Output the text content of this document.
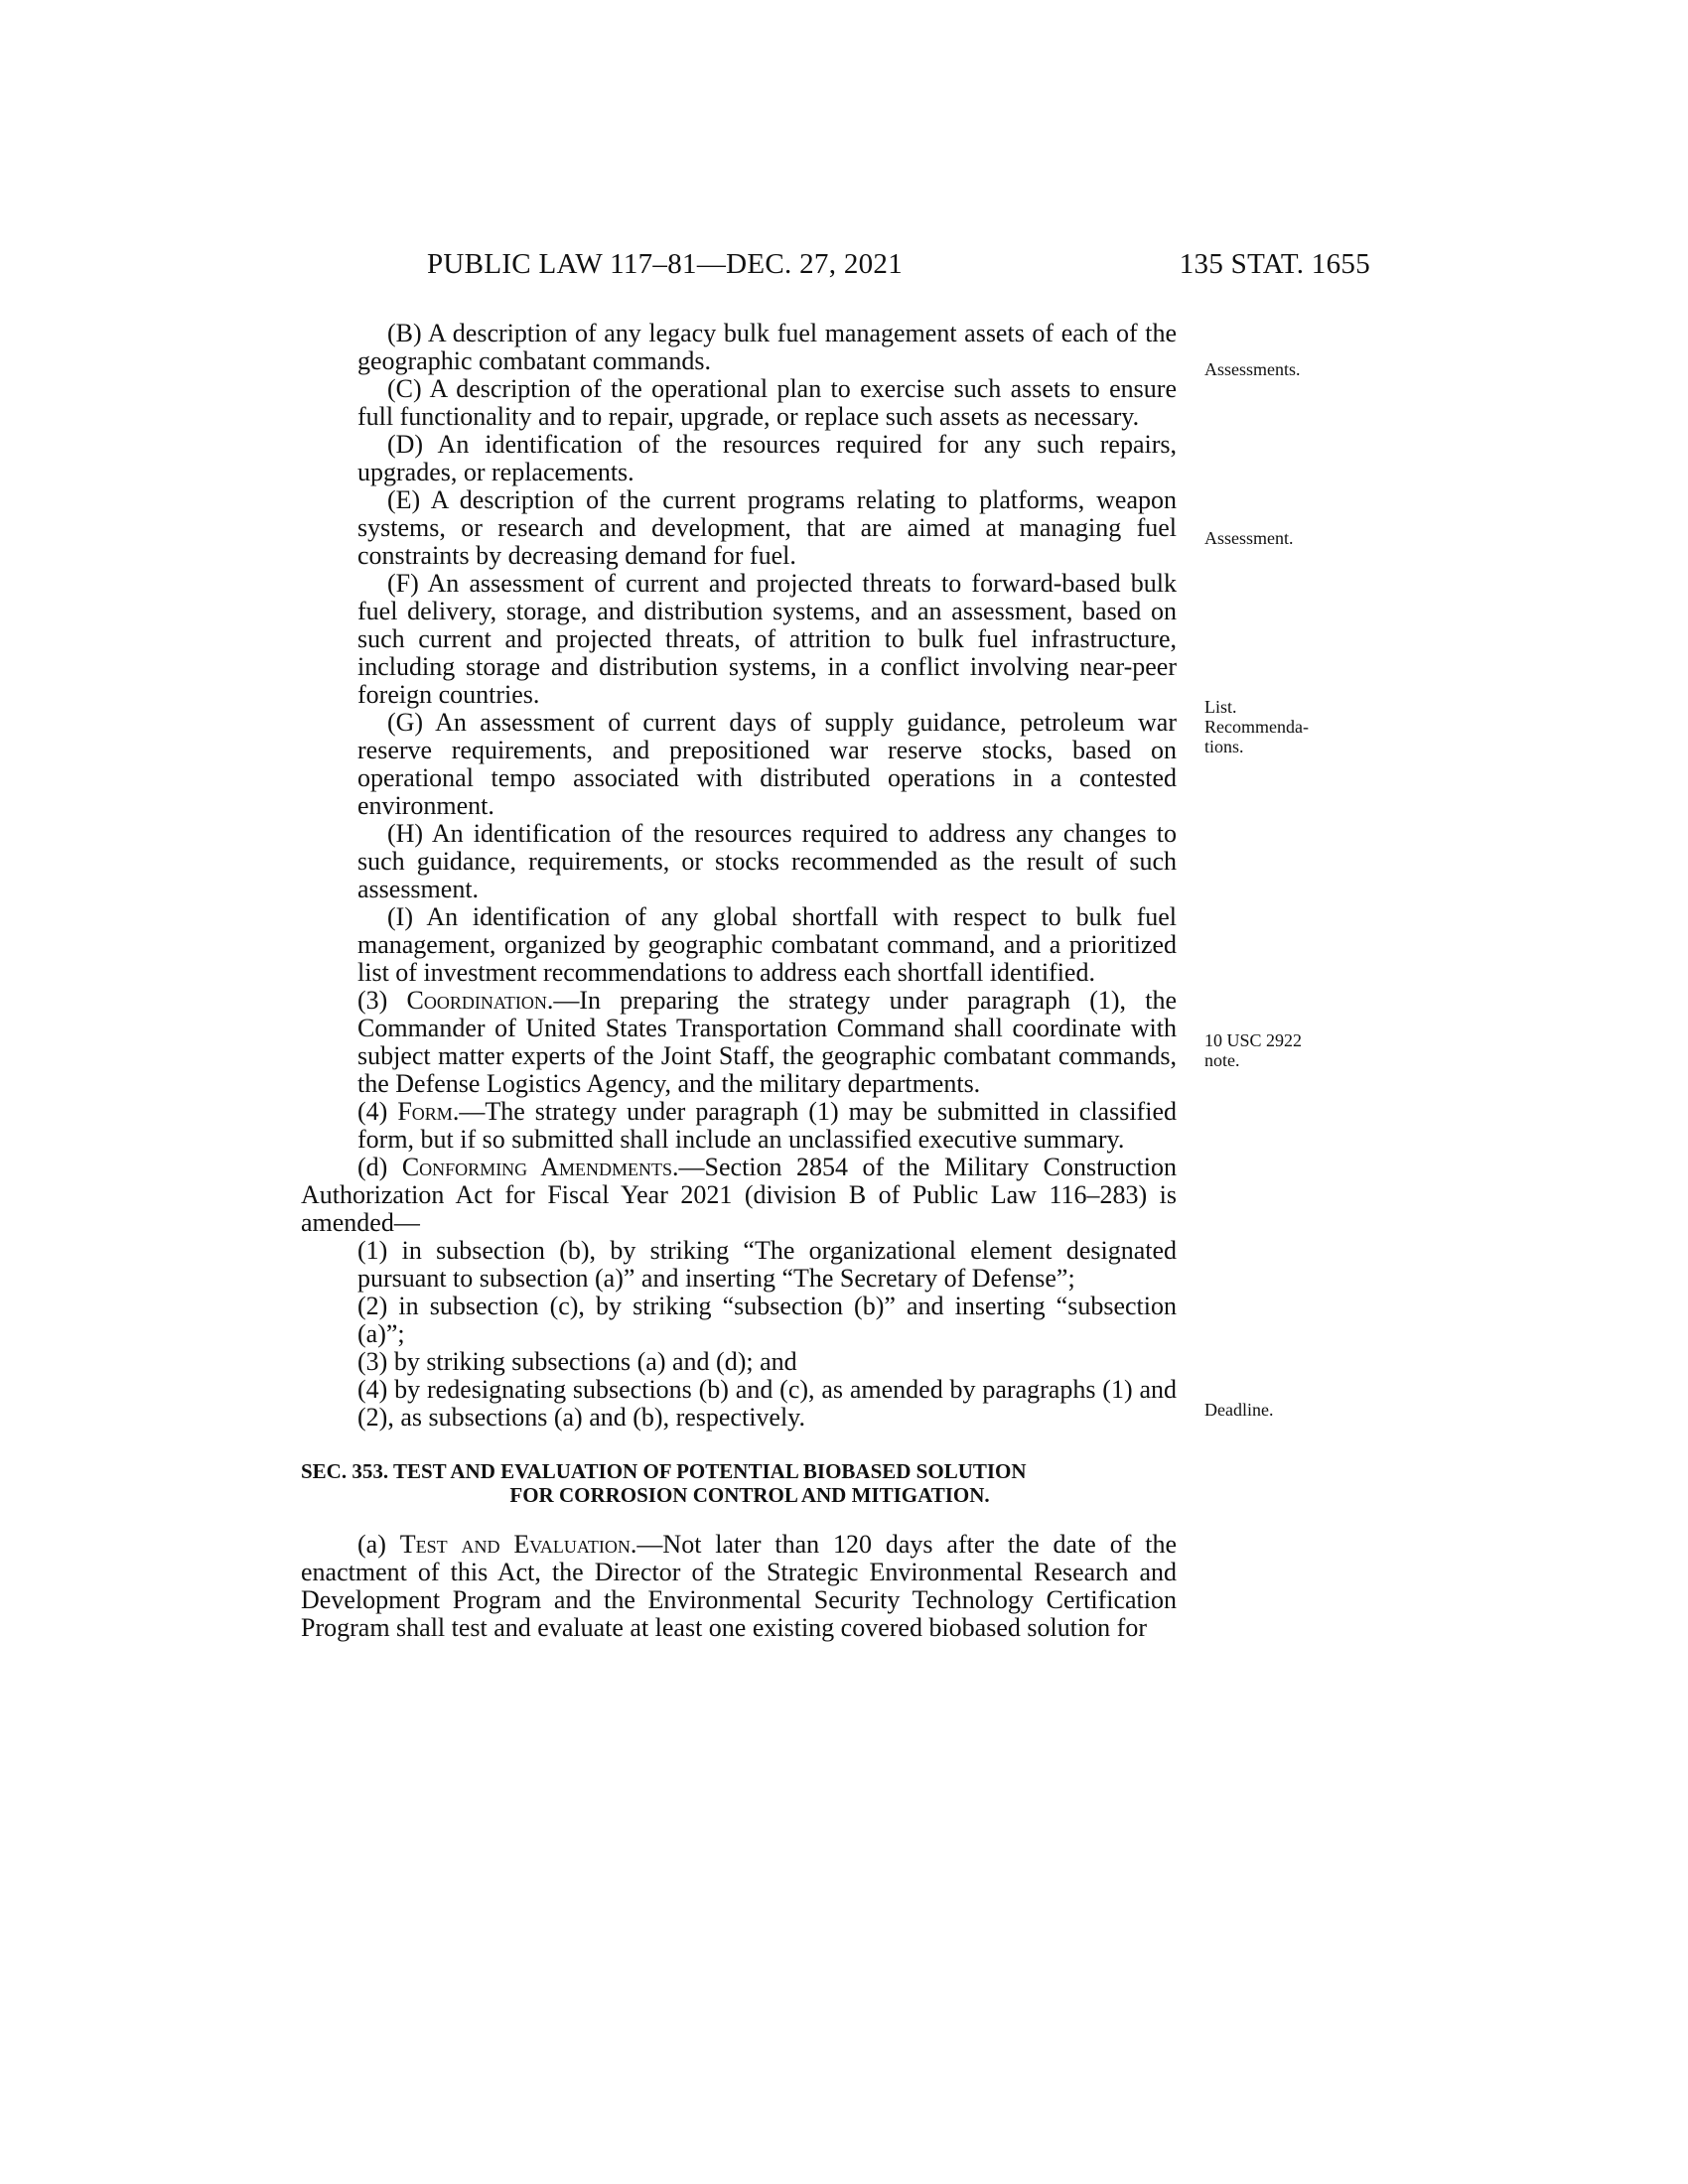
PUBLIC LAW 117–81—DEC. 27, 2021	135 STAT. 1655

(B) A description of any legacy bulk fuel management assets of each of the geographic combatant commands.

(C) A description of the operational plan to exercise such assets to ensure full functionality and to repair, upgrade, or replace such assets as necessary.

(D) An identification of the resources required for any such repairs, upgrades, or replacements.

(E) A description of the current programs relating to platforms, weapon systems, or research and development, that are aimed at managing fuel constraints by decreasing demand for fuel.

(F) An assessment of current and projected threats to forward-based bulk fuel delivery, storage, and distribution systems, and an assessment, based on such current and projected threats, of attrition to bulk fuel infrastructure, including storage and distribution systems, in a conflict involving near-peer foreign countries.

(G) An assessment of current days of supply guidance, petroleum war reserve requirements, and prepositioned war reserve stocks, based on operational tempo associated with distributed operations in a contested environment.

(H) An identification of the resources required to address any changes to such guidance, requirements, or stocks recommended as the result of such assessment.

(I) An identification of any global shortfall with respect to bulk fuel management, organized by geographic combatant command, and a prioritized list of investment recommendations to address each shortfall identified.

(3) Coordination.—In preparing the strategy under paragraph (1), the Commander of United States Transportation Command shall coordinate with subject matter experts of the Joint Staff, the geographic combatant commands, the Defense Logistics Agency, and the military departments.

(4) Form.—The strategy under paragraph (1) may be submitted in classified form, but if so submitted shall include an unclassified executive summary.

(d) Conforming Amendments.—Section 2854 of the Military Construction Authorization Act for Fiscal Year 2021 (division B of Public Law 116–283) is amended—

(1) in subsection (b), by striking “The organizational element designated pursuant to subsection (a)” and inserting “The Secretary of Defense”;

(2) in subsection (c), by striking “subsection (b)” and inserting “subsection (a)”;

(3) by striking subsections (a) and (d); and

(4) by redesignating subsections (b) and (c), as amended by paragraphs (1) and (2), as subsections (a) and (b), respectively.

SEC. 353. TEST AND EVALUATION OF POTENTIAL BIOBASED SOLUTION
FOR CORROSION CONTROL AND MITIGATION.

(a) Test and Evaluation.—Not later than 120 days after the date of the enactment of this Act, the Director of the Strategic Environmental Research and Development Program and the Environmental Security Technology Certification Program shall test and evaluate at least one existing covered biobased solution for

Assessments.
Assessment.
List.
Recommenda-
tions.
10 USC 2922
note.
Deadline.
